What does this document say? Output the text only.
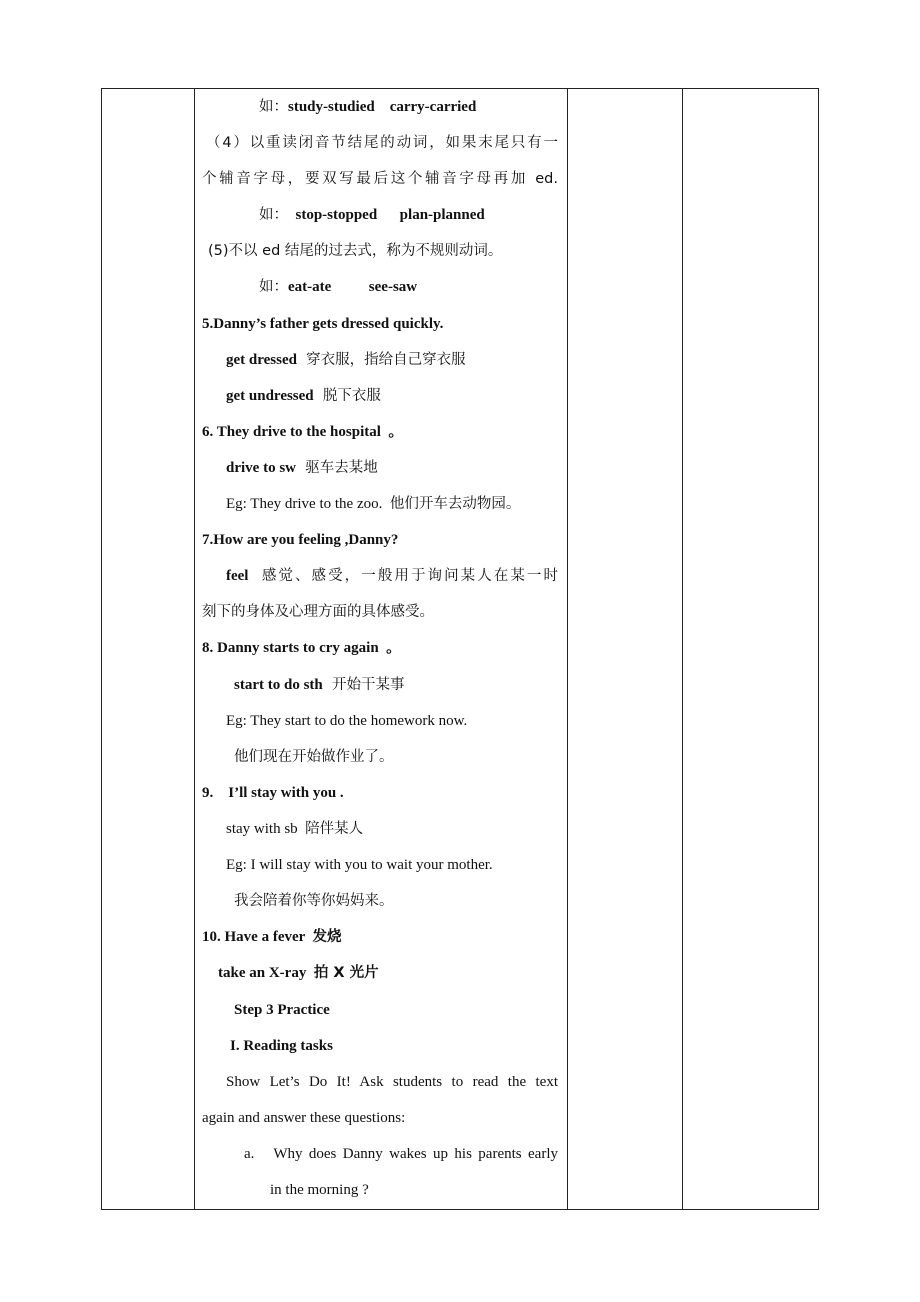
如：study-studied    carry-carried
（4）以重读闭音节结尾的动词，如果末尾只有一
个辅音字母，要双写最后这个辅音字母再加 ed.
如：  stop-stopped      plan-planned
(5)不以 ed 结尾的过去式，称为不规则动词。
如：eat-ate          see-saw
5.Danny’s father gets dressed quickly.
get dressed  穿衣服，指给自己穿衣服
get undressed  脱下衣服
6. They drive to the hospital  。
drive to sw  驱车去某地
Eg: They drive to the zoo.  他们开车去动物园。
7.How are you feeling ,Danny?
feel  感觉、感受，一般用于询问某人在某一时
刻下的身体及心理方面的具体感受。
8. Danny starts to cry again  。
start to do sth  开始干某事
Eg: They start to do the homework now.
他们现在开始做作业了。
9.    I’ll stay with you .
stay with sb  陪伴某人
Eg: I will stay with you to wait your mother.
我会陪着你等你妈妈来。
10. Have a fever  发烧
take an X-ray  拍 X 光片
Step 3 Practice
I. Reading tasks
Show Let’s Do It! Ask students to read the text
again and answer these questions:
a.   Why does Danny wakes up his parents early
in the morning ?
